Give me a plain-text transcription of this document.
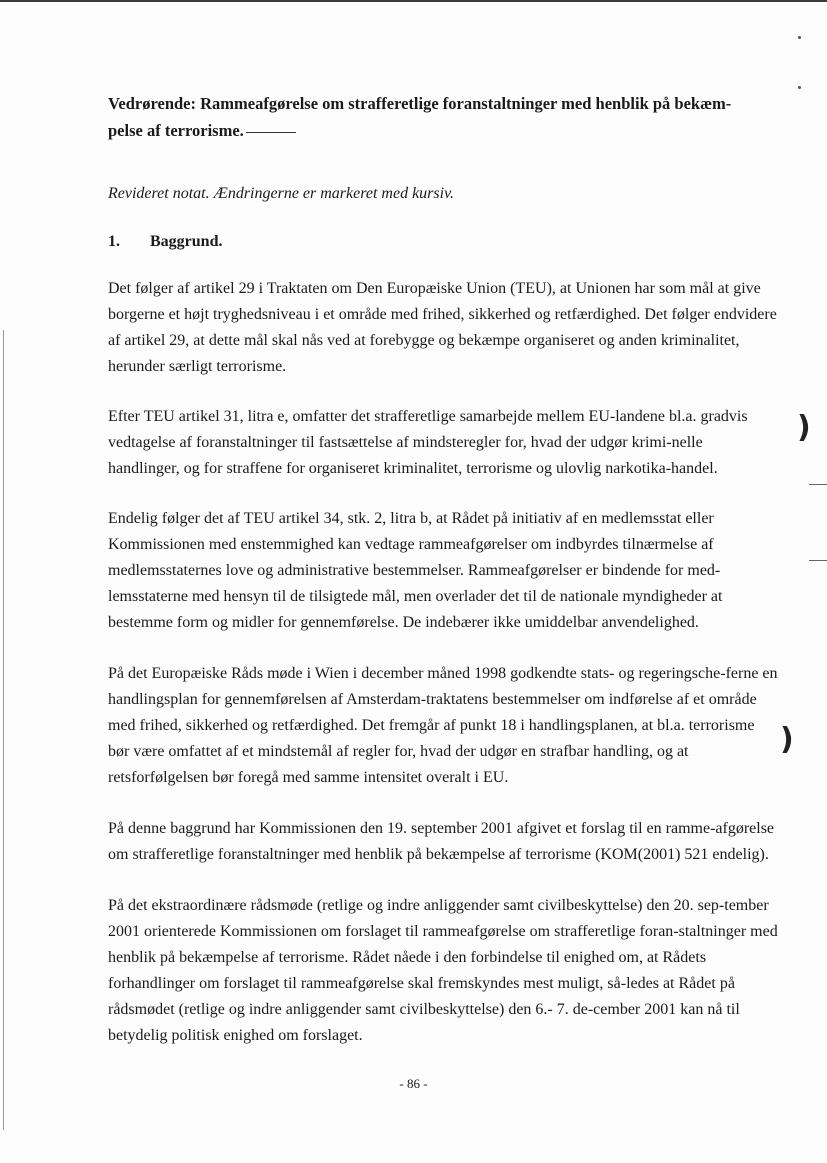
)
)

Vedrørende: Rammeafgørelse om strafferetlige foranstaltninger med henblik på bekæm-
pelse af terrorisme.

Revideret notat. Ændringerne er markeret med kursiv.

1.	Baggrund.

Det følger af artikel 29 i Traktaten om Den Europæiske Union (TEU), at Unionen har som mål at give borgerne et højt tryghedsniveau i et område med frihed, sikkerhed og retfærdighed. Det følger endvidere af artikel 29, at dette mål skal nås ved at forebygge og bekæmpe organiseret og anden kriminalitet, herunder særligt terrorisme.

Efter TEU artikel 31, litra e, omfatter det strafferetlige samarbejde mellem EU-landene bl.a. gradvis vedtagelse af foranstaltninger til fastsættelse af mindsteregler for, hvad der udgør krimi-nelle handlinger, og for straffene for organiseret kriminalitet, terrorisme og ulovlig narkotika-handel.

Endelig følger det af TEU artikel 34, stk. 2, litra b, at Rådet på initiativ af en medlemsstat eller Kommissionen med enstemmighed kan vedtage rammeafgørelser om indbyrdes tilnærmelse af medlemsstaternes love og administrative bestemmelser. Rammeafgørelser er bindende for med-lemsstaterne med hensyn til de tilsigtede mål, men overlader det til de nationale myndigheder at bestemme form og midler for gennemførelse. De indebærer ikke umiddelbar anvendelighed.

På det Europæiske Råds møde i Wien i december måned 1998 godkendte stats- og regeringsche-ferne en handlingsplan for gennemførelsen af Amsterdam-traktatens bestemmelser om indførelse af et område med frihed, sikkerhed og retfærdighed. Det fremgår af punkt 18 i handlingsplanen, at bl.a. terrorisme bør være omfattet af et mindstemål af regler for, hvad der udgør en strafbar handling, og at retsforfølgelsen bør foregå med samme intensitet overalt i EU.

På denne baggrund har Kommissionen den 19. september 2001 afgivet et forslag til en ramme-afgørelse om strafferetlige foranstaltninger med henblik på bekæmpelse af terrorisme (KOM(2001) 521 endelig).

På det ekstraordinære rådsmøde (retlige og indre anliggender samt civilbeskyttelse) den 20. sep-tember 2001 orienterede Kommissionen om forslaget til rammeafgørelse om strafferetlige foran-staltninger med henblik på bekæmpelse af terrorisme. Rådet nåede i den forbindelse til enighed om, at Rådets forhandlinger om forslaget til rammeafgørelse skal fremskyndes mest muligt, så-ledes at Rådet på rådsmødet (retlige og indre anliggender samt civilbeskyttelse) den 6.- 7. de-cember 2001 kan nå til betydelig politisk enighed om forslaget.

- 86 -
